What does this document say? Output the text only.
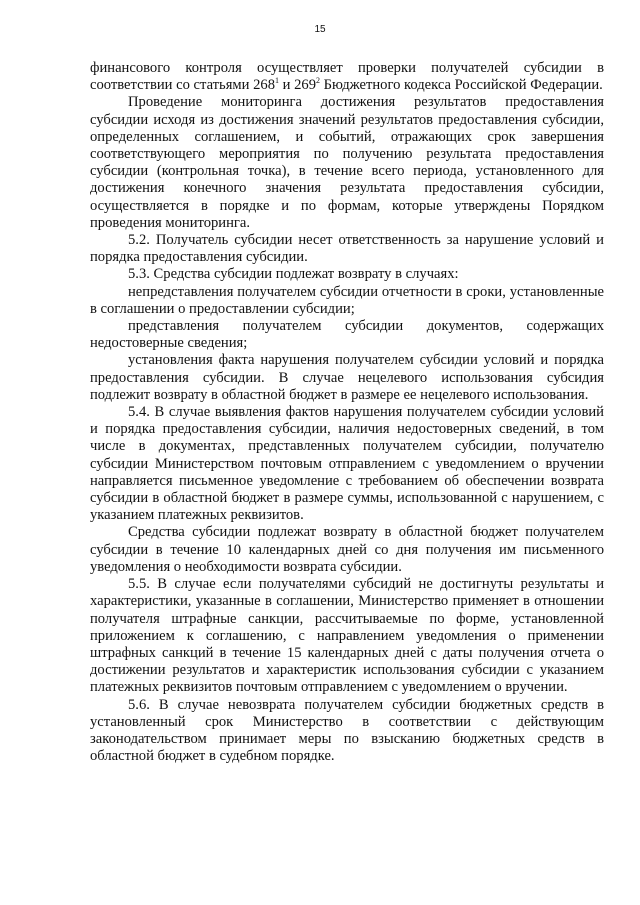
15

финансового контроля осуществляет проверки получателей субсидии в соответствии со статьями $268^1$ и $269^2$ Бюджетного кодекса Российской Федерации.

Проведение мониторинга достижения результатов предоставления субсидии исходя из достижения значений результатов предоставления субсидии, определенных соглашением, и событий, отражающих срок завершения соответствующего мероприятия по получению результата предоставления субсидии (контрольная точка), в течение всего периода, установленного для достижения конечного значения результата предоставления субсидии, осуществляется в порядке и по формам, которые утверждены Порядком проведения мониторинга.

5.2. Получатель субсидии несет ответственность за нарушение условий и порядка предоставления субсидии.

5.3. Средства субсидии подлежат возврату в случаях:

непредставления получателем субсидии отчетности в сроки, установленные в соглашении о предоставлении субсидии;

представления получателем субсидии документов, содержащих недостоверные сведения;

установления факта нарушения получателем субсидии условий и порядка предоставления субсидии. В случае нецелевого использования субсидия подлежит возврату в областной бюджет в размере ее нецелевого использования.

5.4. В случае выявления фактов нарушения получателем субсидии условий и порядка предоставления субсидии, наличия недостоверных сведений, в том числе в документах, представленных получателем субсидии, получателю субсидии Министерством почтовым отправлением с уведомлением о вручении направляется письменное уведомление с требованием об обеспечении возврата субсидии в областной бюджет в размере суммы, использованной с нарушением, с указанием платежных реквизитов.

Средства субсидии подлежат возврату в областной бюджет получателем субсидии в течение 10 календарных дней со дня получения им письменного уведомления о необходимости возврата субсидии.

5.5. В случае если получателями субсидий не достигнуты результаты и характеристики, указанные в соглашении, Министерство применяет в отношении получателя штрафные санкции, рассчитываемые по форме, установленной приложением к соглашению, с направлением уведомления о применении штрафных санкций в течение 15 календарных дней с даты получения отчета о достижении результатов и характеристик использования субсидии с указанием платежных реквизитов почтовым отправлением с уведомлением о вручении.

5.6. В случае невозврата получателем субсидии бюджетных средств в установленный срок Министерство в соответствии с действующим законодательством принимает меры по взысканию бюджетных средств в областной бюджет в судебном порядке.
